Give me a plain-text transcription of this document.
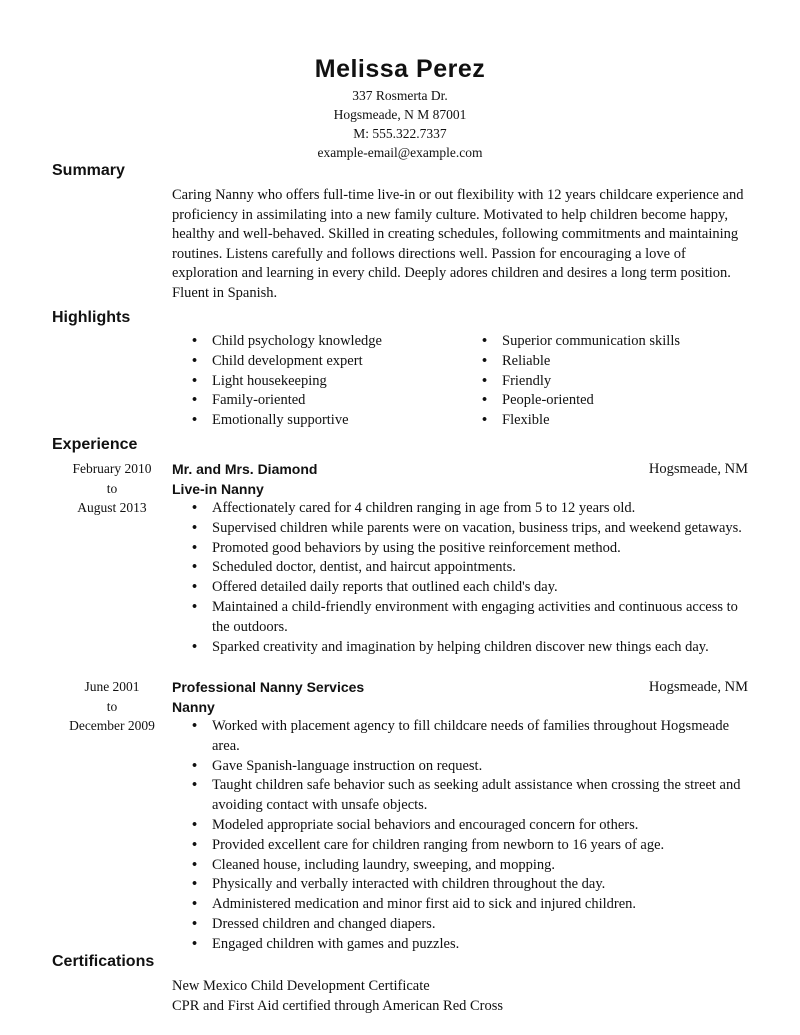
Melissa Perez
337 Rosmerta Dr.
Hogsmeade, N M 87001
M: 555.322.7337
example-email@example.com
Summary
Caring Nanny who offers full-time live-in or out flexibility with 12 years childcare experience and proficiency in assimilating into a new family culture. Motivated to help children become happy, healthy and well-behaved. Skilled in creating schedules, following commitments and maintaining routines. Listens carefully and follows directions well. Passion for encouraging a love of exploration and learning in every child. Deeply adores children and desires a long term position. Fluent in Spanish.
Highlights
• Child psychology knowledge
• Child development expert
• Light housekeeping
• Family-oriented
• Emotionally supportive
• Superior communication skills
• Reliable
• Friendly
• People-oriented
• Flexible
Experience
February 2010
to
August 2013
Mr. and Mrs. Diamond	Hogsmeade, NM
Live-in Nanny
• Affectionately cared for 4 children ranging in age from 5 to 12 years old.
• Supervised children while parents were on vacation, business trips, and weekend getaways.
• Promoted good behaviors by using the positive reinforcement method.
• Scheduled doctor, dentist, and haircut appointments.
• Offered detailed daily reports that outlined each child's day.
• Maintained a child-friendly environment with engaging activities and continuous access to the outdoors.
• Sparked creativity and imagination by helping children discover new things each day.
June 2001
to
December 2009
Professional Nanny Services	Hogsmeade, NM
Nanny
• Worked with placement agency to fill childcare needs of families throughout Hogsmeade area.
• Gave Spanish-language instruction on request.
• Taught children safe behavior such as seeking adult assistance when crossing the street and avoiding contact with unsafe objects.
• Modeled appropriate social behaviors and encouraged concern for others.
• Provided excellent care for children ranging from newborn to 16 years of age.
• Cleaned house, including laundry, sweeping, and mopping.
• Physically and verbally interacted with children throughout the day.
• Administered medication and minor first aid to sick and injured children.
• Dressed children and changed diapers.
• Engaged children with games and puzzles.
Certifications
New Mexico Child Development Certificate
CPR and First Aid certified through American Red Cross
